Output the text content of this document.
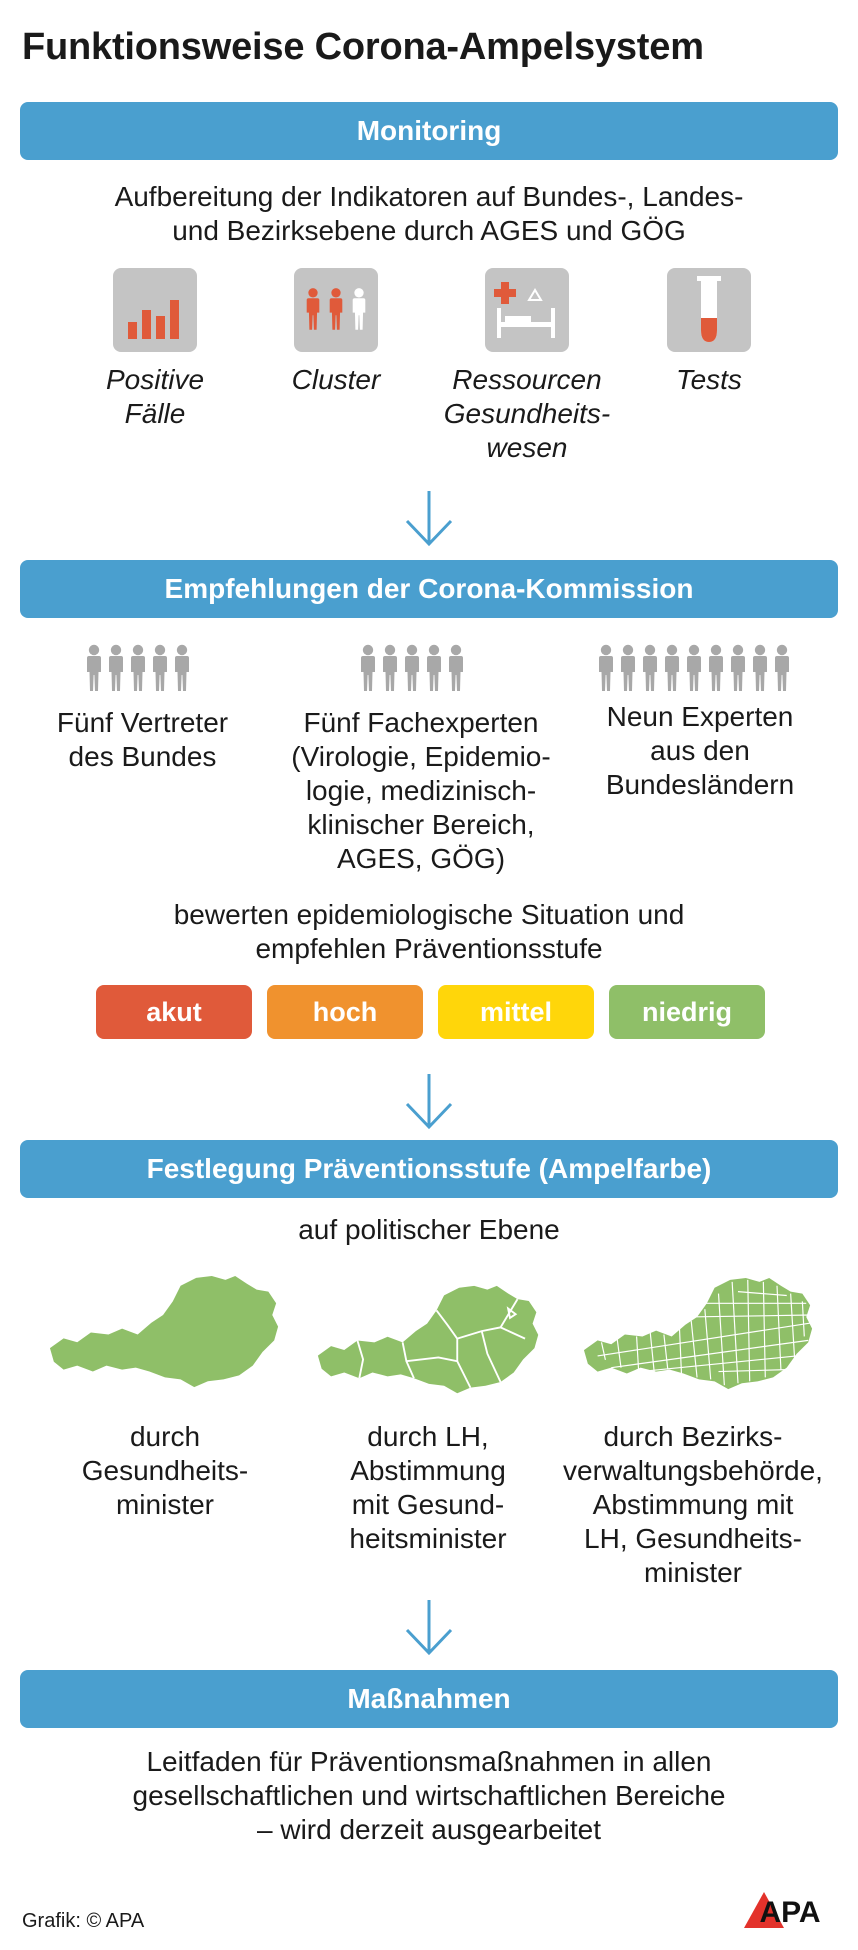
Funktionsweise Corona-Ampelsystem
Monitoring
Aufbereitung der Indikatoren auf Bundes-, Landes-
und Bezirksebene durch AGES und GÖG
Positive
Fälle
Cluster	Ressourcen
Gesundheits-
wesen
Tests
Empfehlungen der Corona-Kommission
Fünf Vertreter
des Bundes
Fünf Fachexperten
(Virologie, Epidemio-
logie, medizinisch-
klinischer Bereich,
AGES, GÖG)
Neun Experten
aus den
Bundesländern
bewerten epidemiologische Situation und
empfehlen Präventionsstufe
akut	hoch	mittel	niedrig
Festlegung Präventionsstufe (Ampelfarbe)
auf politischer Ebene
durch
Gesundheits-
minister
durch LH,
Abstimmung
mit Gesund-
heitsminister
durch Bezirks-
verwaltungsbehörde,
Abstimmung mit
LH, Gesundheits-
minister
Maßnahmen
Leitfaden für Präventionsmaßnahmen in allen
gesellschaftlichen und wirtschaftlichen Bereiche
– wird derzeit ausgearbeitet
Grafik: © APA	APA
